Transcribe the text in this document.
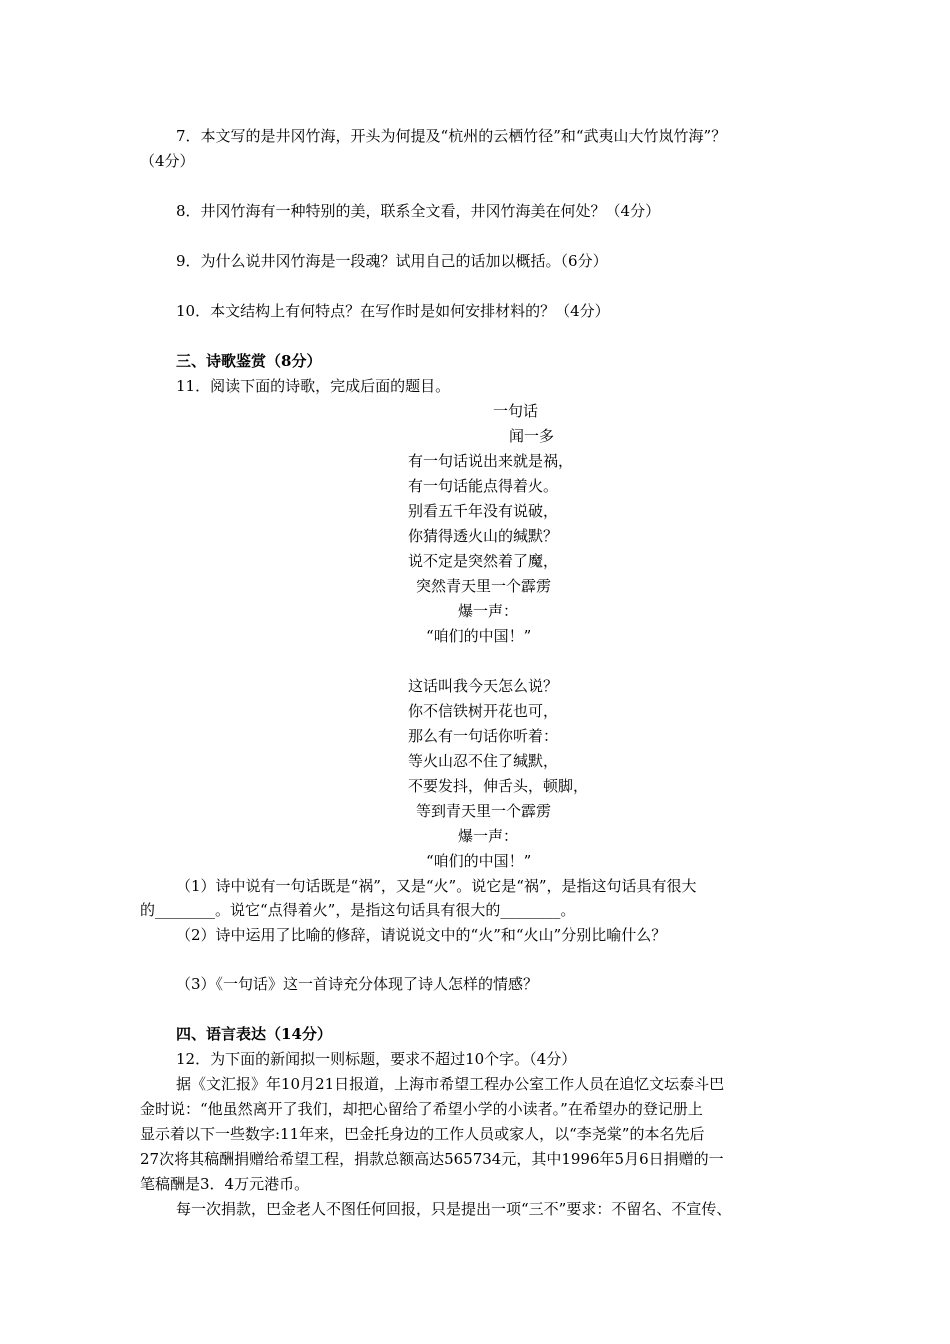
7．本文写的是井冈竹海，开头为何提及“杭州的云栖竹径”和“武夷山大竹岚竹海”？
（4分）
8．井冈竹海有一种特别的美，联系全文看，井冈竹海美在何处？（4分）
9．为什么说井冈竹海是一段魂？试用自己的话加以概括。（6分）
10．本文结构上有何特点？在写作时是如何安排材料的？（4分）
三、诗歌鉴赏（8分）
11．阅读下面的诗歌，完成后面的题目。
一句话
闻一多
有一句话说出来就是祸，
有一句话能点得着火。
别看五千年没有说破，
你猜得透火山的缄默？
说不定是突然着了魔，
突然青天里一个霹雳
爆一声：
“咱们的中国！”
这话叫我今天怎么说？
你不信铁树开花也可，
那么有一句话你听着：
等火山忍不住了缄默，
不要发抖，伸舌头，顿脚，
等到青天里一个霹雳
爆一声：
“咱们的中国！”
（1）诗中说有一句话既是“祸”，又是“火”。说它是“祸”，是指这句话具有很大
的________。说它“点得着火”，是指这句话具有很大的________。
（2）诗中运用了比喻的修辞，请说说文中的“火”和“火山”分别比喻什么？
（3）《一句话》这一首诗充分体现了诗人怎样的情感？
四、语言表达（14分）
12．为下面的新闻拟一则标题，要求不超过10个字。（4分）
据《文汇报》年10月21日报道，上海市希望工程办公室工作人员在追忆文坛泰斗巴
金时说：“他虽然离开了我们，却把心留给了希望小学的小读者。”在希望办的登记册上
显示着以下一些数字:11年来，巴金托身边的工作人员或家人，以“李尧棠”的本名先后
27次将其稿酬捐赠给希望工程，捐款总额高达565734元，其中1996年5月6日捐赠的一
笔稿酬是3．4万元港币。
每一次捐款，巴金老人不图任何回报，只是提出一项“三不”要求：不留名、不宣传、
